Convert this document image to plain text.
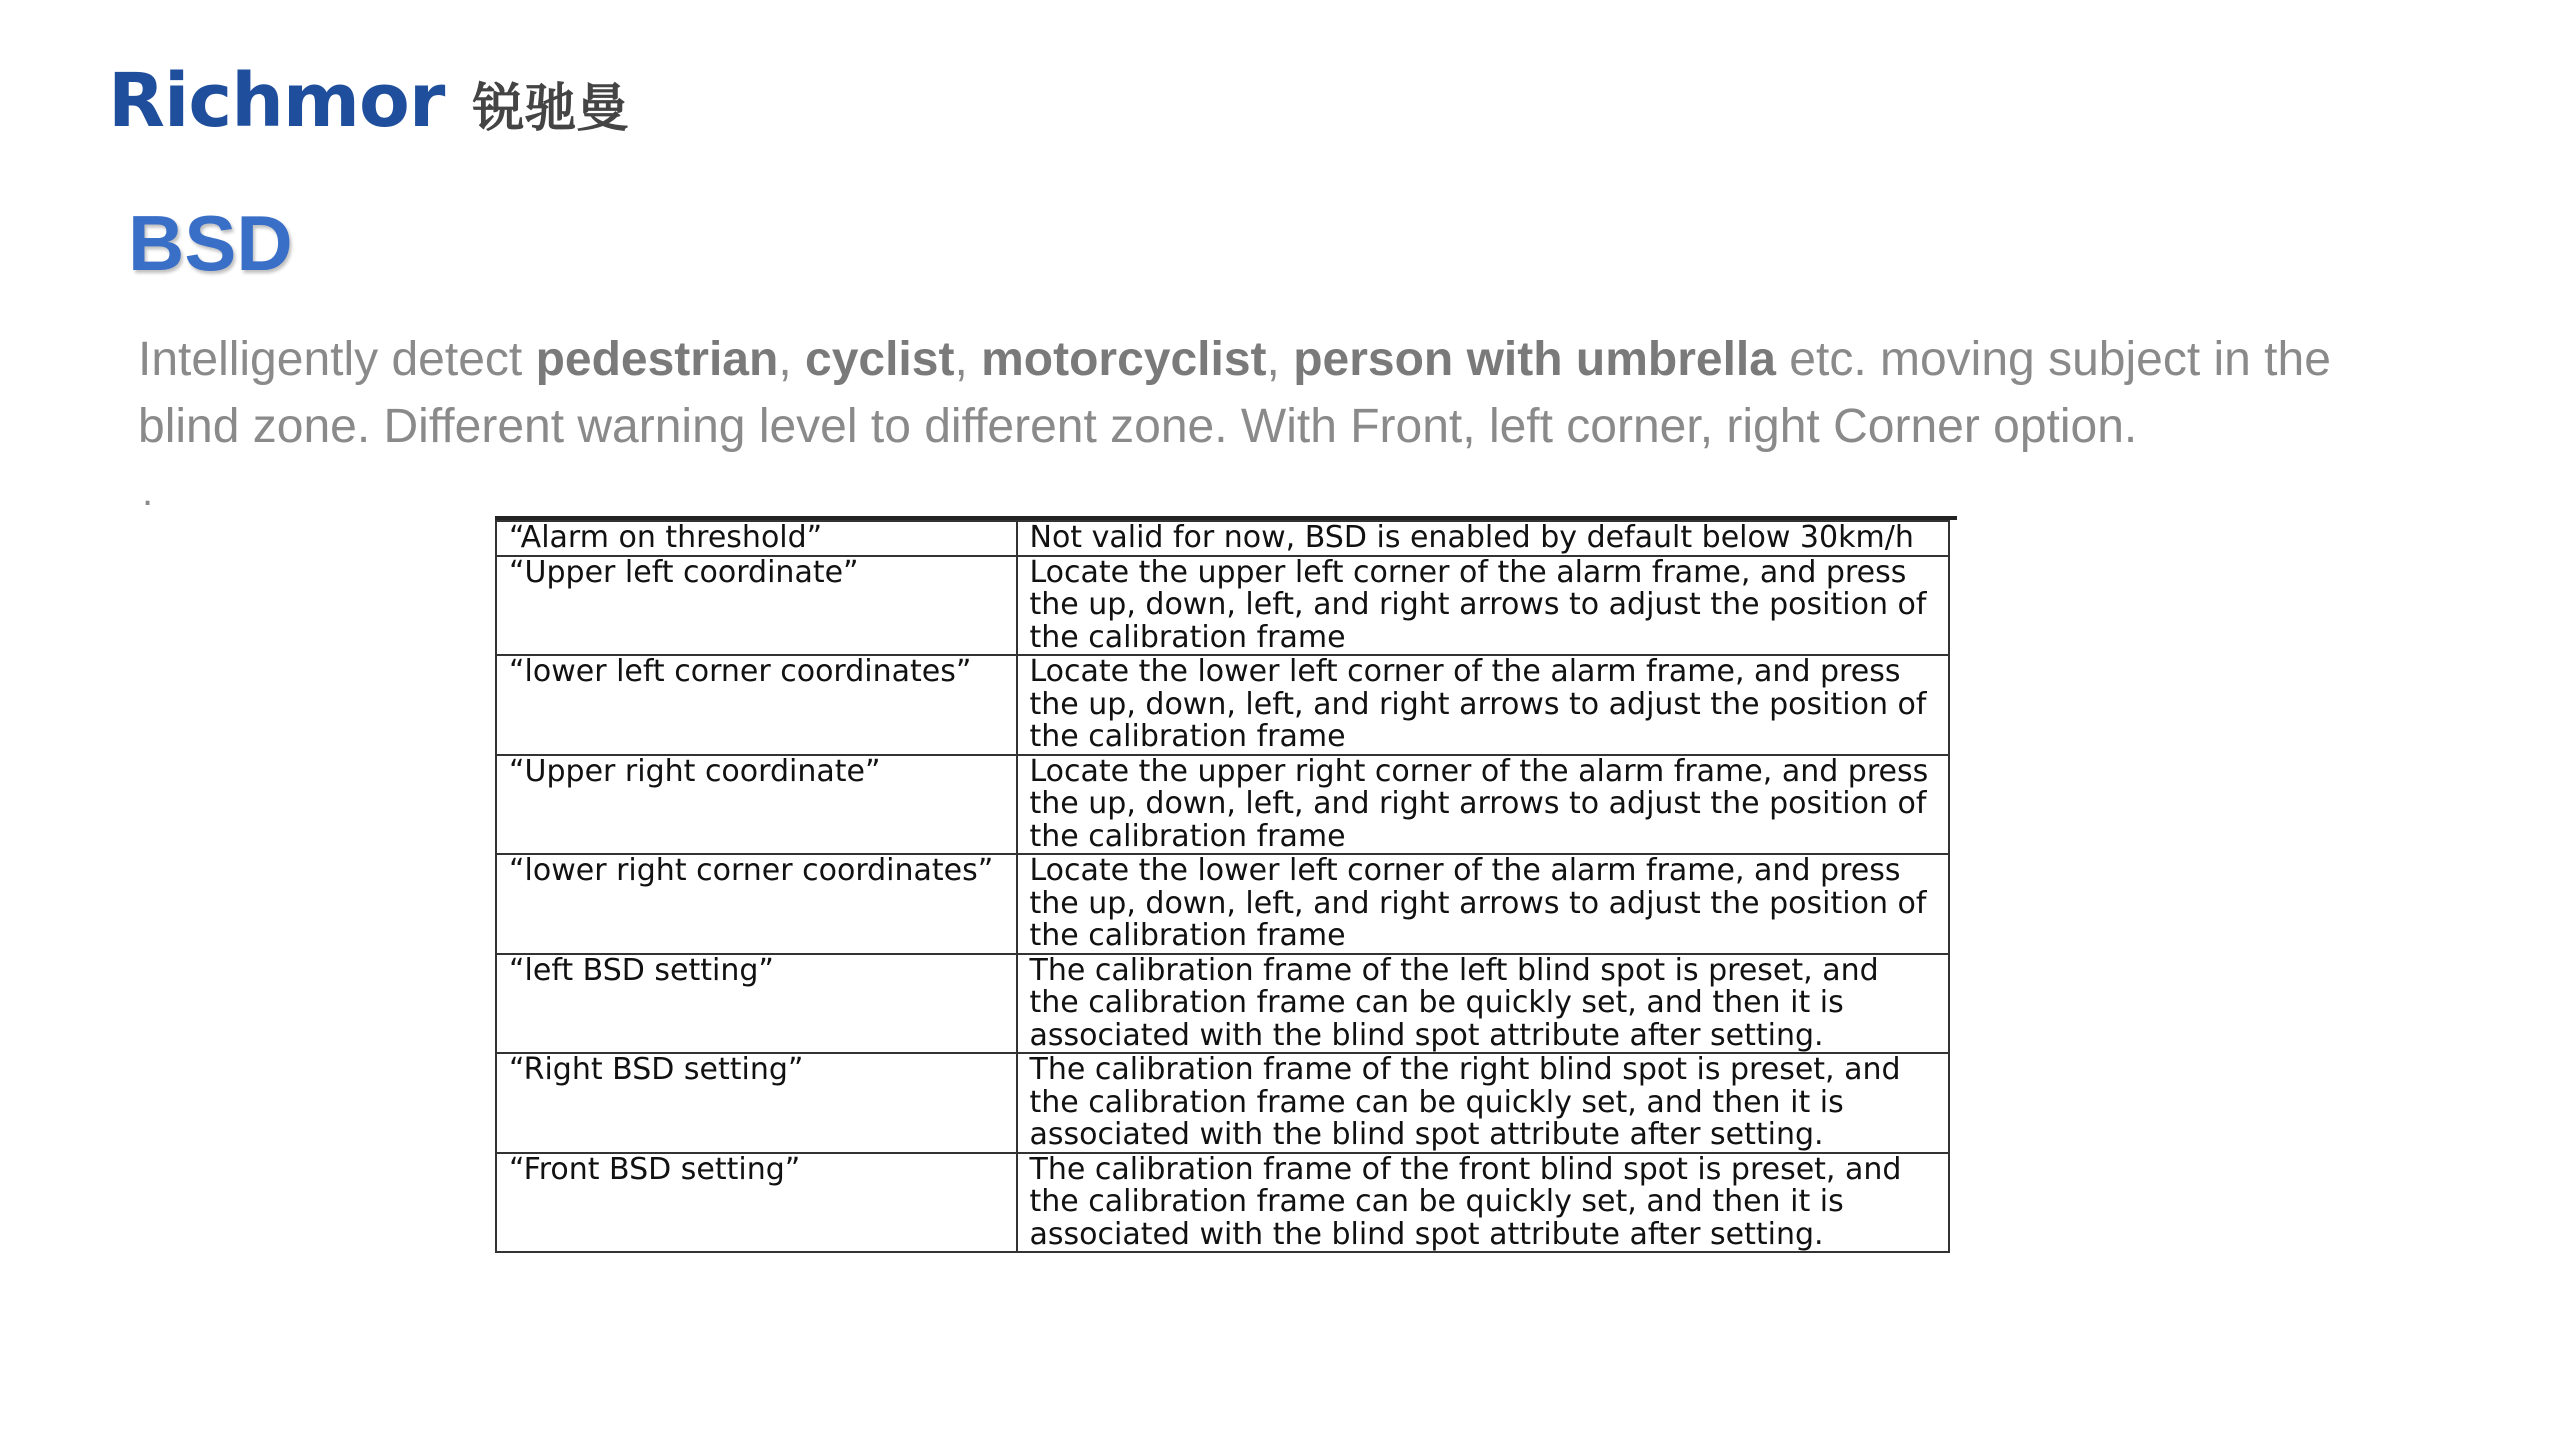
Richmor 锐驰曼
BSD
Intelligently detect pedestrian, cyclist, motorcyclist, person with umbrella etc. moving subject in the blind zone. Different warning level to different zone. With Front, left corner, right Corner option.
.
“Alarm on threshold”	Not valid for now, BSD is enabled by default below 30km/h
“Upper left coordinate”	Locate the upper left corner of the alarm frame, and press the up, down, left, and right arrows to adjust the position of the calibration frame
“lower left corner coordinates”	Locate the lower left corner of the alarm frame, and press the up, down, left, and right arrows to adjust the position of the calibration frame
“Upper right coordinate”	Locate the upper right corner of the alarm frame, and press the up, down, left, and right arrows to adjust the position of the calibration frame
“lower right corner coordinates”	Locate the lower left corner of the alarm frame, and press the up, down, left, and right arrows to adjust the position of the calibration frame
“left BSD setting”	The calibration frame of the left blind spot is preset, and the calibration frame can be quickly set, and then it is associated with the blind spot attribute after setting.
“Right BSD setting”	The calibration frame of the right blind spot is preset, and the calibration frame can be quickly set, and then it is associated with the blind spot attribute after setting.
“Front BSD setting”	The calibration frame of the front blind spot is preset, and the calibration frame can be quickly set, and then it is associated with the blind spot attribute after setting.
